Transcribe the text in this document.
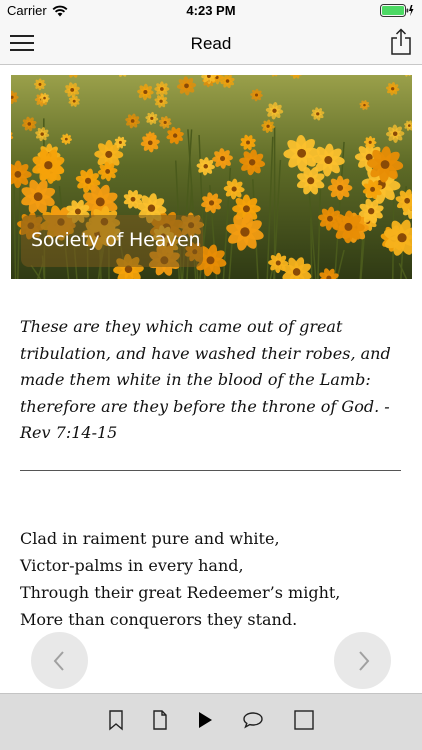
Carrier	4:23 PM
Read
Society of Heaven
These are they which came out of great tribulation, and have washed their robes, and made them white in the blood of the Lamb: therefore are they before the throne of God. - Rev 7:14-15
Clad in raiment pure and white,
Victor-palms in every hand,
Through their great Redeemer’s might,
More than conquerors they stand.
